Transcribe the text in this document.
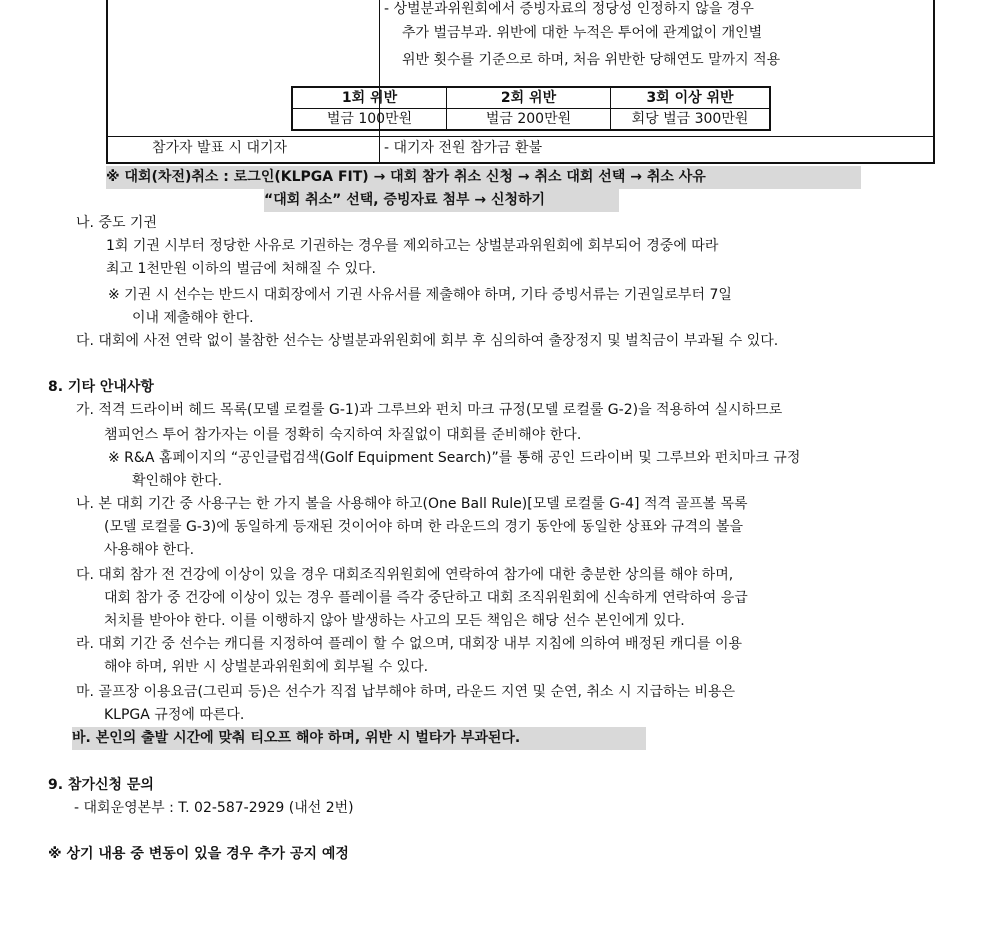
- 상벌분과위원회에서 증빙자료의 정당성 인정하지 않을 경우
추가 벌금부과. 위반에 대한 누적은 투어에 관계없이 개인별
위반 횟수를 기준으로 하며, 처음 위반한 당해연도 말까지 적용
참가자 발표 시 대기자	- 대기자 전원 참가금 환불
1회 위반	2회 위반	3회 이상 위반
벌금 100만원	벌금 200만원	회당 벌금 300만원
※ 대회(차전)취소 : 로그인(KLPGA FIT) → 대회 참가 취소 신청 → 취소 대회 선택 → 취소 사유
“대회 취소” 선택, 증빙자료 첨부 → 신청하기
나. 중도 기권
1회 기권 시부터 정당한 사유로 기권하는 경우를 제외하고는 상벌분과위원회에 회부되어 경중에 따라
최고 1천만원 이하의 벌금에 처해질 수 있다.
※ 기권 시 선수는 반드시 대회장에서 기권 사유서를 제출해야 하며, 기타 증빙서류는 기권일로부터 7일
이내 제출해야 한다.
다. 대회에 사전 연락 없이 불참한 선수는 상벌분과위원회에 회부 후 심의하여 출장정지 및 벌칙금이 부과될 수 있다.
8. 기타 안내사항
가. 적격 드라이버 헤드 목록(모델 로컬룰 G-1)과 그루브와 펀치 마크 규정(모델 로컬룰 G-2)을 적용하여 실시하므로
챔피언스 투어 참가자는 이를 정확히 숙지하여 차질없이 대회를 준비해야 한다.
※ R&A 홈페이지의 “공인클럽검색(Golf Equipment Search)”를 통해 공인 드라이버 및 그루브와 펀치마크 규정
확인해야 한다.
나. 본 대회 기간 중 사용구는 한 가지 볼을 사용해야 하고(One Ball Rule)[모델 로컬룰 G-4] 적격 골프볼 목록
(모델 로컬룰 G-3)에 동일하게 등재된 것이어야 하며 한 라운드의 경기 동안에 동일한 상표와 규격의 볼을
사용해야 한다.
다. 대회 참가 전 건강에 이상이 있을 경우 대회조직위원회에 연락하여 참가에 대한 충분한 상의를 해야 하며,
대회 참가 중 건강에 이상이 있는 경우 플레이를 즉각 중단하고 대회 조직위원회에 신속하게 연락하여 응급
처치를 받아야 한다. 이를 이행하지 않아 발생하는 사고의 모든 책임은 해당 선수 본인에게 있다.
라. 대회 기간 중 선수는 캐디를 지정하여 플레이 할 수 없으며, 대회장 내부 지침에 의하여 배정된 캐디를 이용
해야 하며, 위반 시 상벌분과위원회에 회부될 수 있다.
마. 골프장 이용요금(그린피 등)은 선수가 직접 납부해야 하며, 라운드 지연 및 순연, 취소 시 지급하는 비용은
KLPGA 규정에 따른다.
바. 본인의 출발 시간에 맞춰 티오프 해야 하며, 위반 시 벌타가 부과된다.
9. 참가신청 문의
- 대회운영본부 : T. 02-587-2929 (내선 2번)
※ 상기 내용 중 변동이 있을 경우 추가 공지 예정
